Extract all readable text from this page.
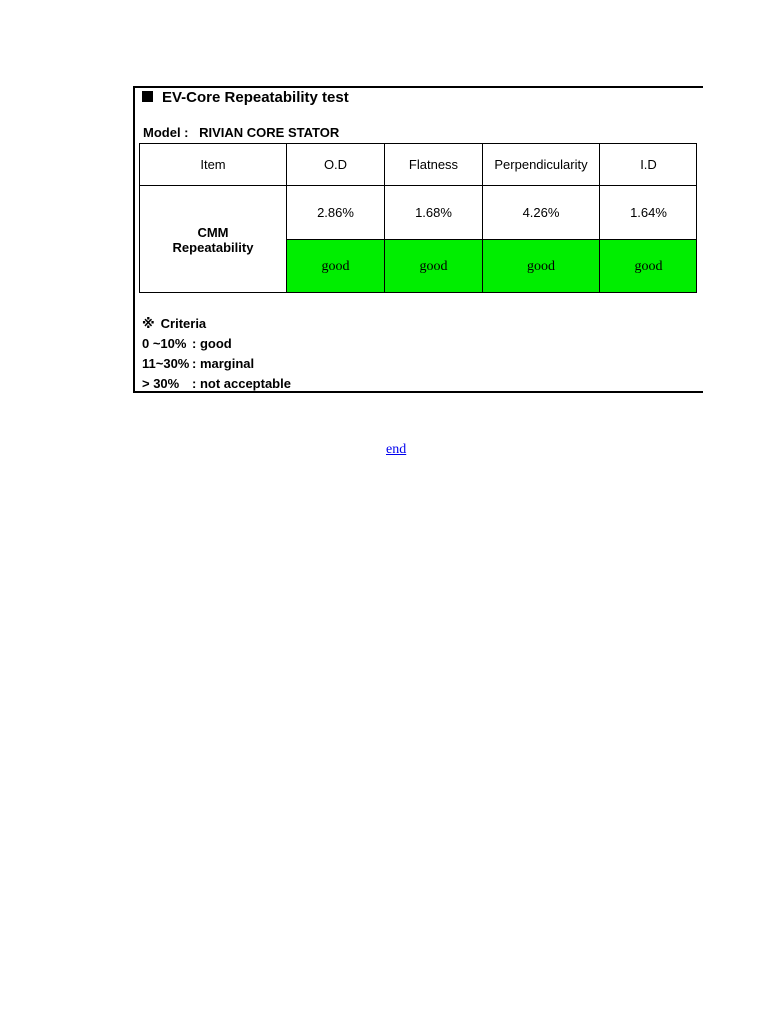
EV-Core Repeatability test
Model : RIVIAN CORE STATOR
Item	O.D	Flatness	Perpendicularity	I.D
CMM
Repeatability
2.86%	1.68%	4.26%	1.64%
good	good	good	good
※ Criteria
0 ~10% : good
11~30% : marginal
> 30% : not acceptable
end
